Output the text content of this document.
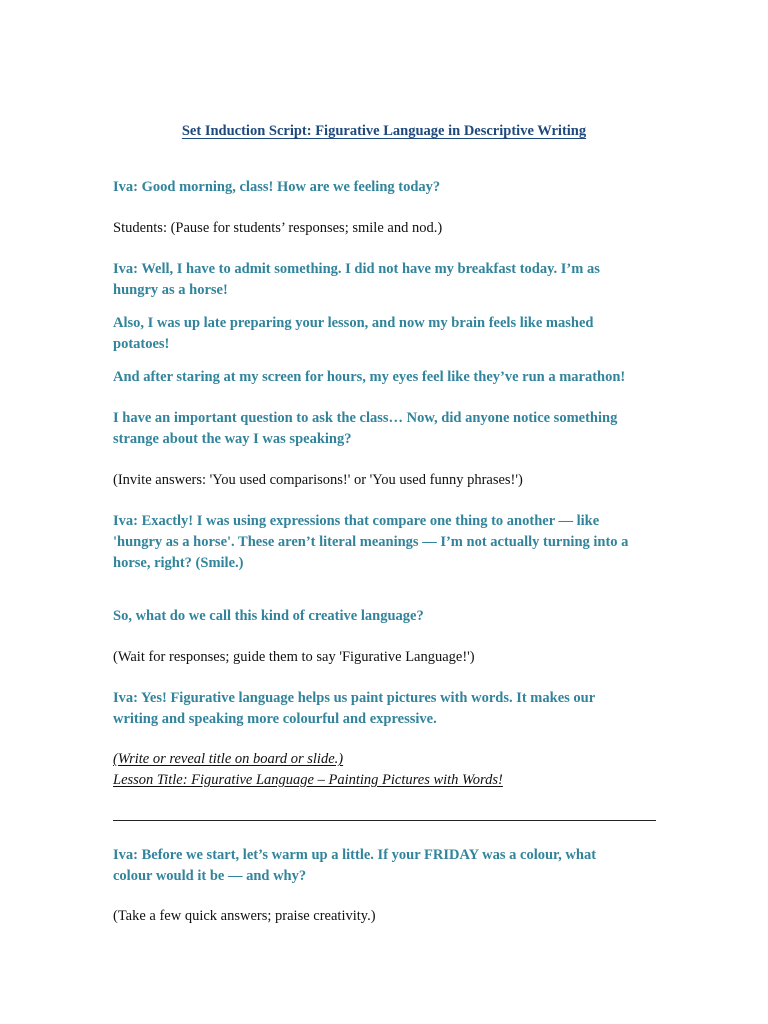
Set Induction Script: Figurative Language in Descriptive Writing

Iva: Good morning, class! How are we feeling today?

Students: (Pause for students’ responses; smile and nod.)

Iva: Well, I have to admit something. I did not have my breakfast today. I’m as

hungry as a horse!

Also, I was up late preparing your lesson, and now my brain feels like mashed

potatoes!

And after staring at my screen for hours, my eyes feel like they’ve run a marathon!

I have an important question to ask the class… Now, did anyone notice something

strange about the way I was speaking?

(Invite answers: 'You used comparisons!' or 'You used funny phrases!')

Iva: Exactly! I was using expressions that compare one thing to another — like

'hungry as a horse'. These aren’t literal meanings — I’m not actually turning into a

horse, right? (Smile.)

So, what do we call this kind of creative language?

(Wait for responses; guide them to say 'Figurative Language!')

Iva: Yes! Figurative language helps us paint pictures with words. It makes our

writing and speaking more colourful and expressive.

(Write or reveal title on board or slide.)

Lesson Title: Figurative Language – Painting Pictures with Words!

Iva: Before we start, let’s warm up a little. If your FRIDAY was a colour, what

colour would it be — and why?

(Take a few quick answers; praise creativity.)
